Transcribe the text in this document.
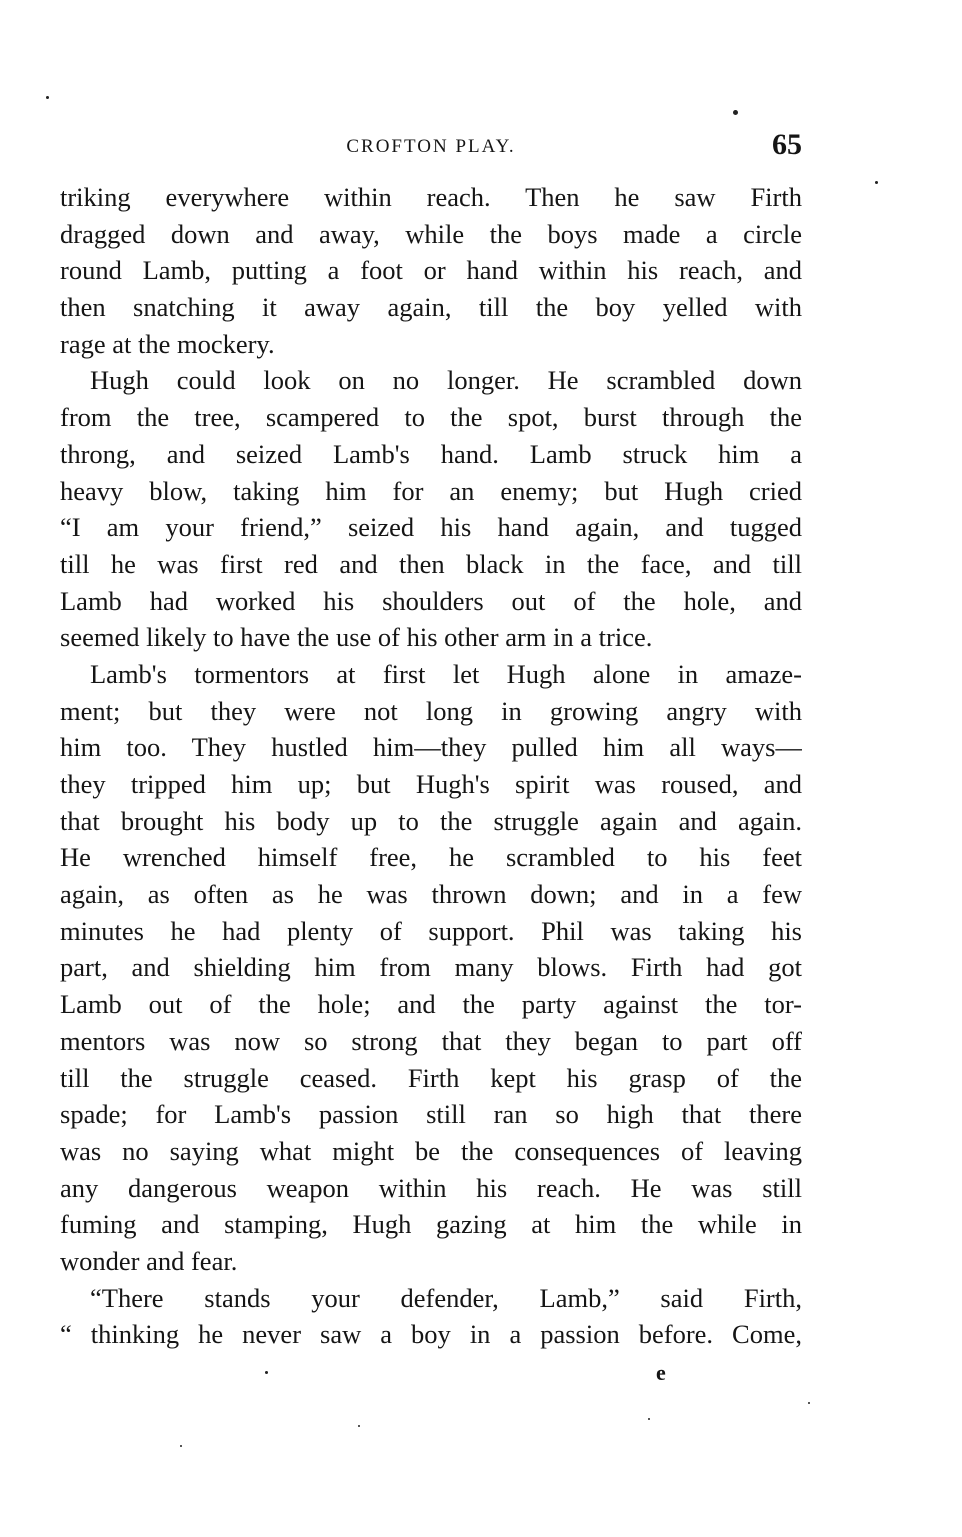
CROFTON PLAY.	65
triking everywhere within reach. Then he saw Firth
dragged down and away, while the boys made a circle
round Lamb, putting a foot or hand within his reach, and
then snatching it away again, till the boy yelled with
rage at the mockery.
Hugh could look on no longer. He scrambled down
from the tree, scampered to the spot, burst through the
throng, and seized Lamb's hand. Lamb struck him a
heavy blow, taking him for an enemy; but Hugh cried
“I am your friend,” seized his hand again, and tugged
till he was first red and then black in the face, and till
Lamb had worked his shoulders out of the hole, and
seemed likely to have the use of his other arm in a trice.
Lamb's tormentors at first let Hugh alone in amaze-
ment; but they were not long in growing angry with
him too. They hustled him—they pulled him all ways—
they tripped him up; but Hugh's spirit was roused, and
that brought his body up to the struggle again and again.
He wrenched himself free, he scrambled to his feet
again, as often as he was thrown down; and in a few
minutes he had plenty of support. Phil was taking his
part, and shielding him from many blows. Firth had got
Lamb out of the hole; and the party against the tor-
mentors was now so strong that they began to part off
till the struggle ceased. Firth kept his grasp of the
spade; for Lamb's passion still ran so high that there
was no saying what might be the consequences of leaving
any dangerous weapon within his reach. He was still
fuming and stamping, Hugh gazing at him the while in
wonder and fear.
“There stands your defender, Lamb,” said Firth,
“ thinking he never saw a boy in a passion before. Come,
e
